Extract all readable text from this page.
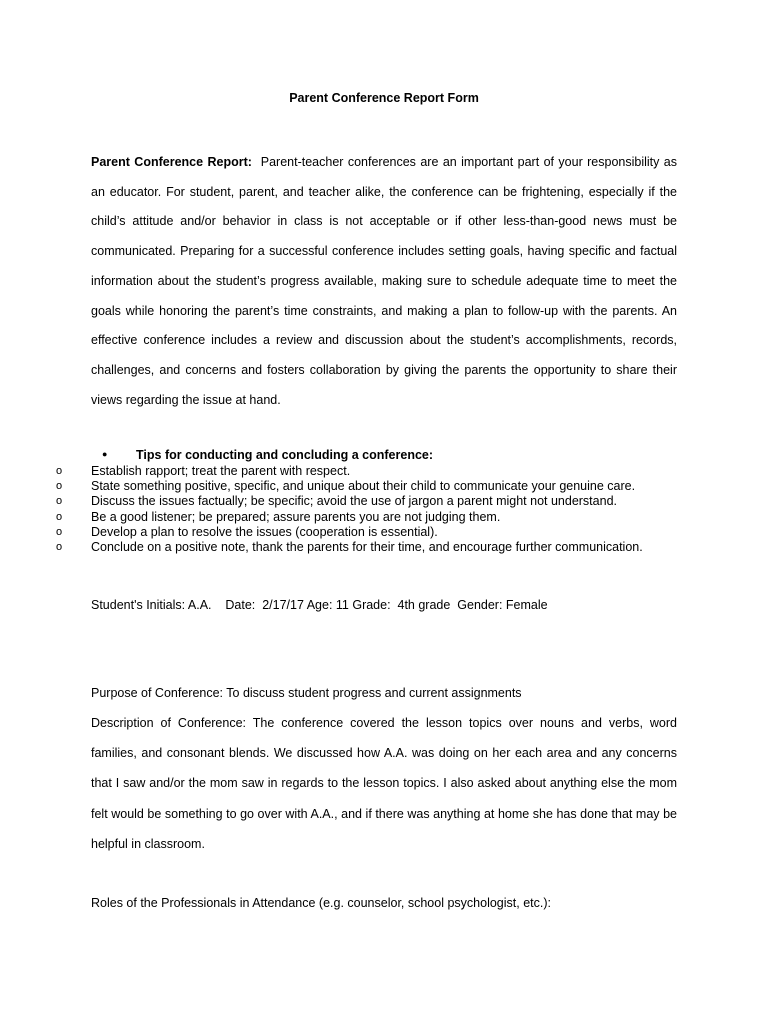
Parent Conference Report Form
Parent Conference Report: Parent-teacher conferences are an important part of your responsibility as an educator. For student, parent, and teacher alike, the conference can be frightening, especially if the child’s attitude and/or behavior in class is not acceptable or if other less-than-good news must be communicated. Preparing for a successful conference includes setting goals, having specific and factual information about the student’s progress available, making sure to schedule adequate time to meet the goals while honoring the parent’s time constraints, and making a plan to follow-up with the parents. An effective conference includes a review and discussion about the student’s accomplishments, records, challenges, and concerns and fosters collaboration by giving the parents the opportunity to share their views regarding the issue at hand.
● Tips for conducting and concluding a conference:
o Establish rapport; treat the parent with respect.
o State something positive, specific, and unique about their child to communicate your genuine care.
o Discuss the issues factually; be specific; avoid the use of jargon a parent might not understand.
o Be a good listener; be prepared; assure parents you are not judging them.
o Develop a plan to resolve the issues (cooperation is essential).
o Conclude on a positive note, thank the parents for their time, and encourage further communication.
Student's Initials: A.A.    Date:  2/17/17 Age: 11 Grade:  4th grade  Gender: Female
Purpose of Conference: To discuss student progress and current assignments
Description of Conference: The conference covered the lesson topics over nouns and verbs, word families, and consonant blends. We discussed how A.A. was doing on her each area and any concerns that I saw and/or the mom saw in regards to the lesson topics. I also asked about anything else the mom felt would be something to go over with A.A., and if there was anything at home she has done that may be helpful in classroom.
Roles of the Professionals in Attendance (e.g. counselor, school psychologist, etc.):
